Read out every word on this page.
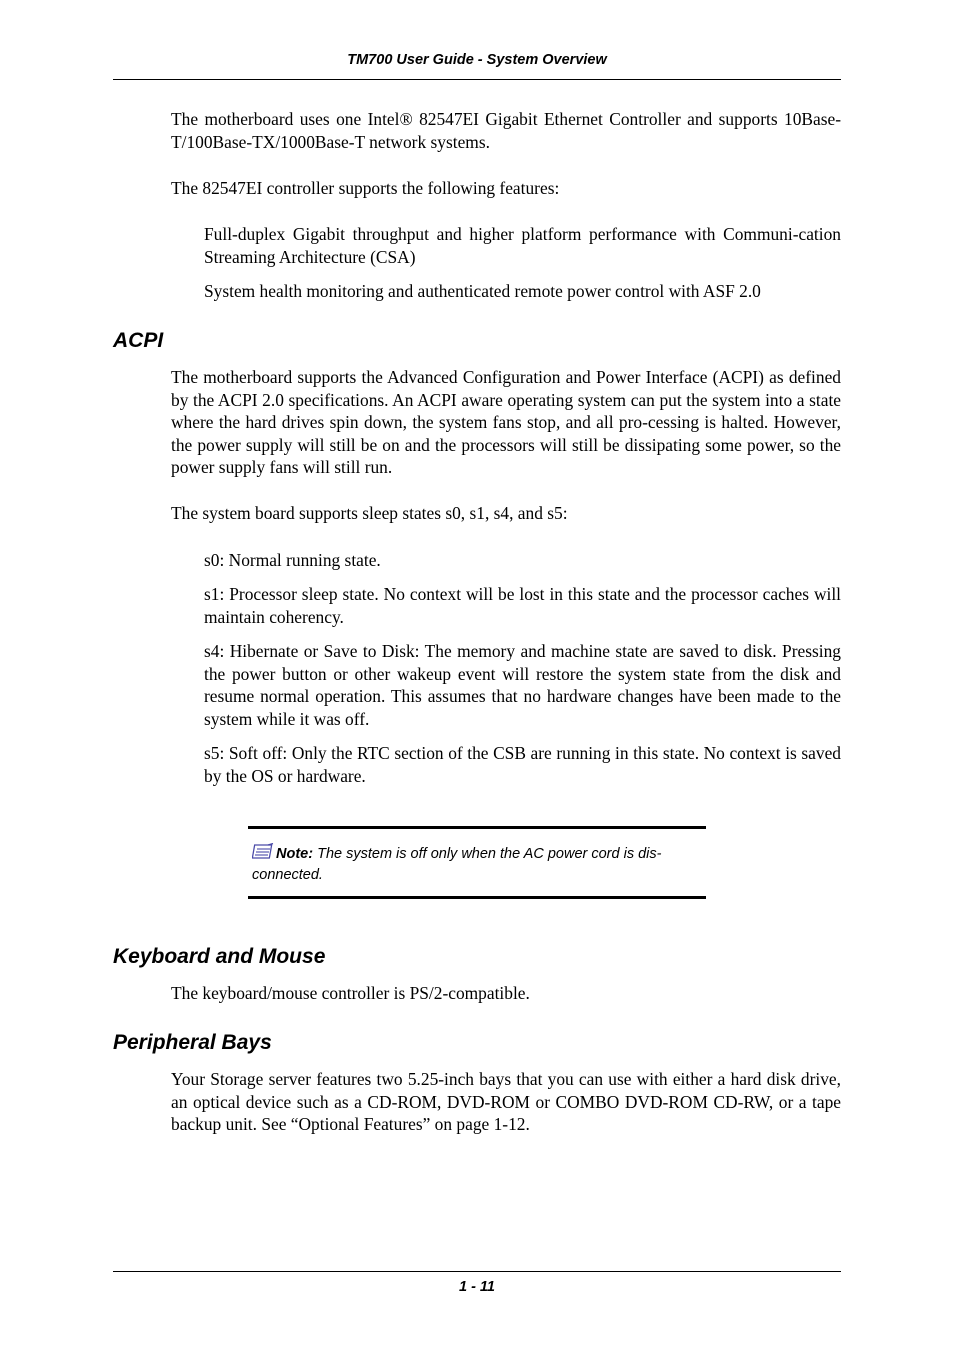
TM700 User Guide - System Overview

The motherboard uses one Intel® 82547EI Gigabit Ethernet Controller and supports 10Base-T/100Base-TX/1000Base-T network systems.

The 82547EI controller supports the following features:

Full-duplex Gigabit throughput and higher platform performance with Communi-cation Streaming Architecture (CSA)

System health monitoring and authenticated remote power control with ASF 2.0

ACPI

The motherboard supports the Advanced Configuration and Power Interface (ACPI) as defined by the ACPI 2.0 specifications. An ACPI aware operating system can put the system into a state where the hard drives spin down, the system fans stop, and all pro-cessing is halted. However, the power supply will still be on and the processors will still be dissipating some power, so the power supply fans will still run.

The system board supports sleep states s0, s1, s4, and s5:

s0: Normal running state.

s1: Processor sleep state. No context will be lost in this state and the processor caches will maintain coherency.

s4: Hibernate or Save to Disk: The memory and machine state are saved to disk. Pressing the power button or other wakeup event will restore the system state from the disk and resume normal operation. This assumes that no hardware changes have been made to the system while it was off.

s5: Soft off: Only the RTC section of the CSB are running in this state. No context is saved by the OS or hardware.

Note: The system is off only when the AC power cord is dis-connected.

Keyboard and Mouse

The keyboard/mouse controller is PS/2-compatible.

Peripheral Bays

Your Storage server features two 5.25-inch bays that you can use with either a hard disk drive, an optical device such as a CD-ROM, DVD-ROM or COMBO DVD-ROM CD-RW, or a tape backup unit. See “Optional Features” on page 1-12.

1 - 11
